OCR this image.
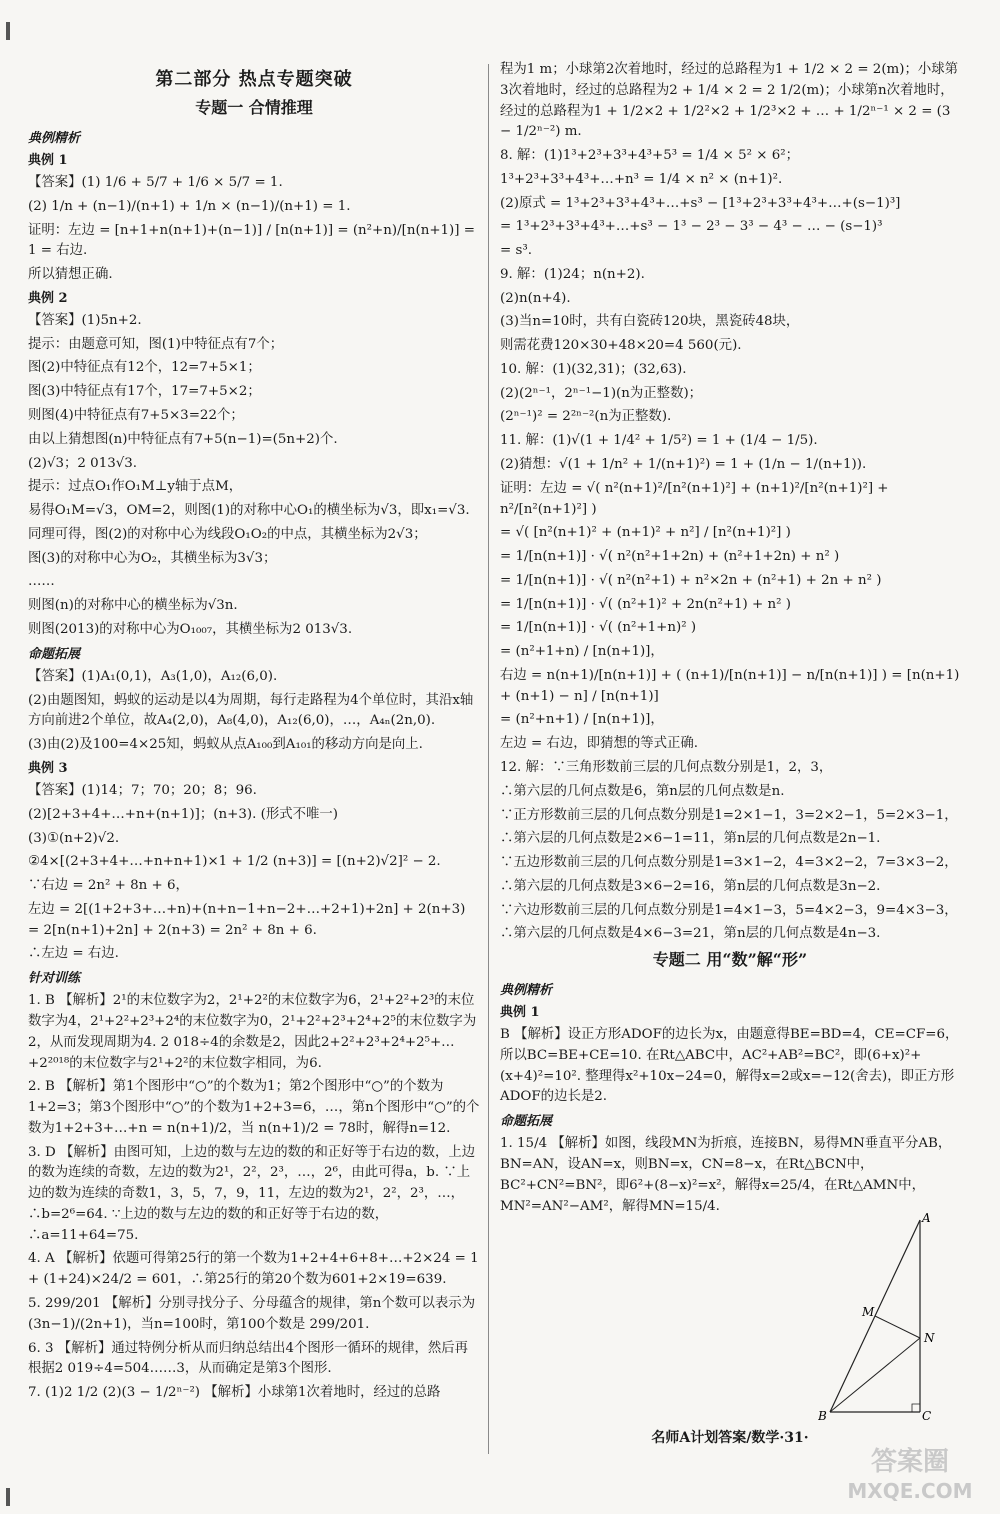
第二部分 热点专题突破
专题一 合情推理
典例精析
典例 1

【答案】(1) 1/6 + 5/7 + 1/6 × 5/7 = 1.

(2) 1/n + (n−1)/(n+1) + 1/n × (n−1)/(n+1) = 1.

证明：左边 = [n+1+n(n+1)+(n−1)] / [n(n+1)] = (n²+n)/[n(n+1)] = 1 = 右边.

所以猜想正确.

典例 2

【答案】(1)5n+2.

提示：由题意可知，图(1)中特征点有7个；

图(2)中特征点有12个，12=7+5×1；

图(3)中特征点有17个，17=7+5×2；

则图(4)中特征点有7+5×3=22个；

由以上猜想图(n)中特征点有7+5(n−1)=(5n+2)个.

(2)√3；2 013√3.

提示：过点O₁作O₁M⊥y轴于点M，

易得O₁M=√3，OM=2，则图(1)的对称中心O₁的横坐标为√3，即x₁=√3.

同理可得，图(2)的对称中心为线段O₁O₂的中点，其横坐标为2√3；

图(3)的对称中心为O₂，其横坐标为3√3；

……

则图(n)的对称中心的横坐标为√3n.

则图(2013)的对称中心为O₁₀₀₇，其横坐标为2 013√3.

命题拓展

【答案】(1)A₁(0,1)，A₃(1,0)，A₁₂(6,0).

(2)由题图知，蚂蚁的运动是以4为周期，每行走路程为4个单位时，其沿x轴方向前进2个单位，故A₄(2,0)，A₈(4,0)，A₁₂(6,0)，…，A₄ₙ(2n,0).

(3)由(2)及100=4×25知，蚂蚁从点A₁₀₀到A₁₀₁的移动方向是向上.

典例 3

【答案】(1)14；7；70；20；8；96.

(2)[2+3+4+…+n+(n+1)]；(n+3). (形式不唯一)

(3)①(n+2)√2.

②4×[(2+3+4+…+n+n+1)×1 + 1/2 (n+3)] = [(n+2)√2]² − 2.

∵右边 = 2n² + 8n + 6，

左边 = 2[(1+2+3+…+n)+(n+n−1+n−2+…+2+1)+2n] + 2(n+3) = 2[n(n+1)+2n] + 2(n+3) = 2n² + 8n + 6.

∴左边 = 右边.

针对训练

1. B 【解析】2¹的末位数字为2，2¹+2²的末位数字为6，2¹+2²+2³的末位数字为4，2¹+2²+2³+2⁴的末位数字为0，2¹+2²+2³+2⁴+2⁵的末位数字为2，从而发现周期为4. 2 018÷4的余数是2，因此2+2²+2³+2⁴+2⁵+…+2²⁰¹⁸的末位数字与2¹+2²的末位数字相同，为6.

2. B 【解析】第1个图形中“○”的个数为1；第2个图形中“○”的个数为1+2=3；第3个图形中“○”的个数为1+2+3=6，…，第n个图形中“○”的个数为1+2+3+…+n = n(n+1)/2，当 n(n+1)/2 = 78时，解得n=12.

3. D 【解析】由图可知，上边的数与左边的数的和正好等于右边的数，上边的数为连续的奇数，左边的数为2¹，2²，2³，…，2⁶，由此可得a，b. ∵上边的数为连续的奇数1，3，5，7，9，11，左边的数为2¹，2²，2³，…，∴b=2⁶=64. ∵上边的数与左边的数的和正好等于右边的数，∴a=11+64=75.

4. A 【解析】依题可得第25行的第一个数为1+2+4+6+8+…+2×24 = 1 + (1+24)×24/2 = 601，∴第25行的第20个数为601+2×19=639.

5. 299/201 【解析】分别寻找分子、分母蕴含的规律，第n个数可以表示为 (3n−1)/(2n+1)，当n=100时，第100个数是 299/201.

6. 3 【解析】通过特例分析从而归纳总结出4个图形一循环的规律，然后再根据2 019÷4=504……3，从而确定是第3个图形.

7. (1)2 1/2 (2)(3 − 1/2ⁿ⁻²) 【解析】小球第1次着地时，经过的总路

程为1 m；小球第2次着地时，经过的总路程为1 + 1/2 × 2 = 2(m)；小球第3次着地时，经过的总路程为2 + 1/4 × 2 = 2 1/2(m)；小球第n次着地时，经过的总路程为1 + 1/2×2 + 1/2²×2 + 1/2³×2 + … + 1/2ⁿ⁻¹ × 2 = (3 − 1/2ⁿ⁻²) m.

8. 解：(1)1³+2³+3³+4³+5³ = 1/4 × 5² × 6²；

1³+2³+3³+4³+…+n³ = 1/4 × n² × (n+1)².

(2)原式 = 1³+2³+3³+4³+…+s³ − [1³+2³+3³+4³+…+(s−1)³]

= 1³+2³+3³+4³+…+s³ − 1³ − 2³ − 3³ − 4³ − … − (s−1)³

= s³.

9. 解：(1)24；n(n+2).

(2)n(n+4).

(3)当n=10时，共有白瓷砖120块，黑瓷砖48块，

则需花费120×30+48×20=4 560(元).

10. 解：(1)(32,31)；(32,63).

(2)(2ⁿ⁻¹，2ⁿ⁻¹−1)(n为正整数)；

(2ⁿ⁻¹)² = 2²ⁿ⁻²(n为正整数).

11. 解：(1)√(1 + 1/4² + 1/5²) = 1 + (1/4 − 1/5).

(2)猜想：√(1 + 1/n² + 1/(n+1)²) = 1 + (1/n − 1/(n+1)).

证明：左边 = √( n²(n+1)²/[n²(n+1)²] + (n+1)²/[n²(n+1)²] + n²/[n²(n+1)²] )

= √( [n²(n+1)² + (n+1)² + n²] / [n²(n+1)²] )

= 1/[n(n+1)] · √( n²(n²+1+2n) + (n²+1+2n) + n² )

= 1/[n(n+1)] · √( n²(n²+1) + n²×2n + (n²+1) + 2n + n² )

= 1/[n(n+1)] · √( (n²+1)² + 2n(n²+1) + n² )

= 1/[n(n+1)] · √( (n²+1+n)² )

= (n²+1+n) / [n(n+1)]，

右边 = n(n+1)/[n(n+1)] + ( (n+1)/[n(n+1)] − n/[n(n+1)] ) = [n(n+1) + (n+1) − n] / [n(n+1)]

= (n²+n+1) / [n(n+1)]，

左边 = 右边，即猜想的等式正确.

12. 解：∵三角形数前三层的几何点数分别是1，2，3，

∴第六层的几何点数是6，第n层的几何点数是n.

∵正方形数前三层的几何点数分别是1=2×1−1，3=2×2−1，5=2×3−1，

∴第六层的几何点数是2×6−1=11，第n层的几何点数是2n−1.

∵五边形数前三层的几何点数分别是1=3×1−2，4=3×2−2，7=3×3−2，

∴第六层的几何点数是3×6−2=16，第n层的几何点数是3n−2.

∵六边形数前三层的几何点数分别是1=4×1−3，5=4×2−3，9=4×3−3，

∴第六层的几何点数是4×6−3=21，第n层的几何点数是4n−3.

专题二 用“数”解“形”
典例精析
典例 1

B 【解析】设正方形ADOF的边长为x，由题意得BE=BD=4，CE=CF=6，所以BC=BE+CE=10. 在Rt△ABC中，AC²+AB²=BC²，即(6+x)²+(x+4)²=10². 整理得x²+10x−24=0，解得x=2或x=−12(舍去)，即正方形ADOF的边长是2.

命题拓展

1. 15/4 【解析】如图，线段MN为折痕，连接BN，易得MN垂直平分AB，BN=AN，设AN=x，则BN=x，CN=8−x，在Rt△BCN中，BC²+CN²=BN²，即6²+(8−x)²=x²，解得x=25/4，在Rt△AMN中，MN²=AN²−AM²，解得MN=15/4.

A
M
N
B	C
名师A计划答案/数学·31·
答案圈
MXQE.COM
